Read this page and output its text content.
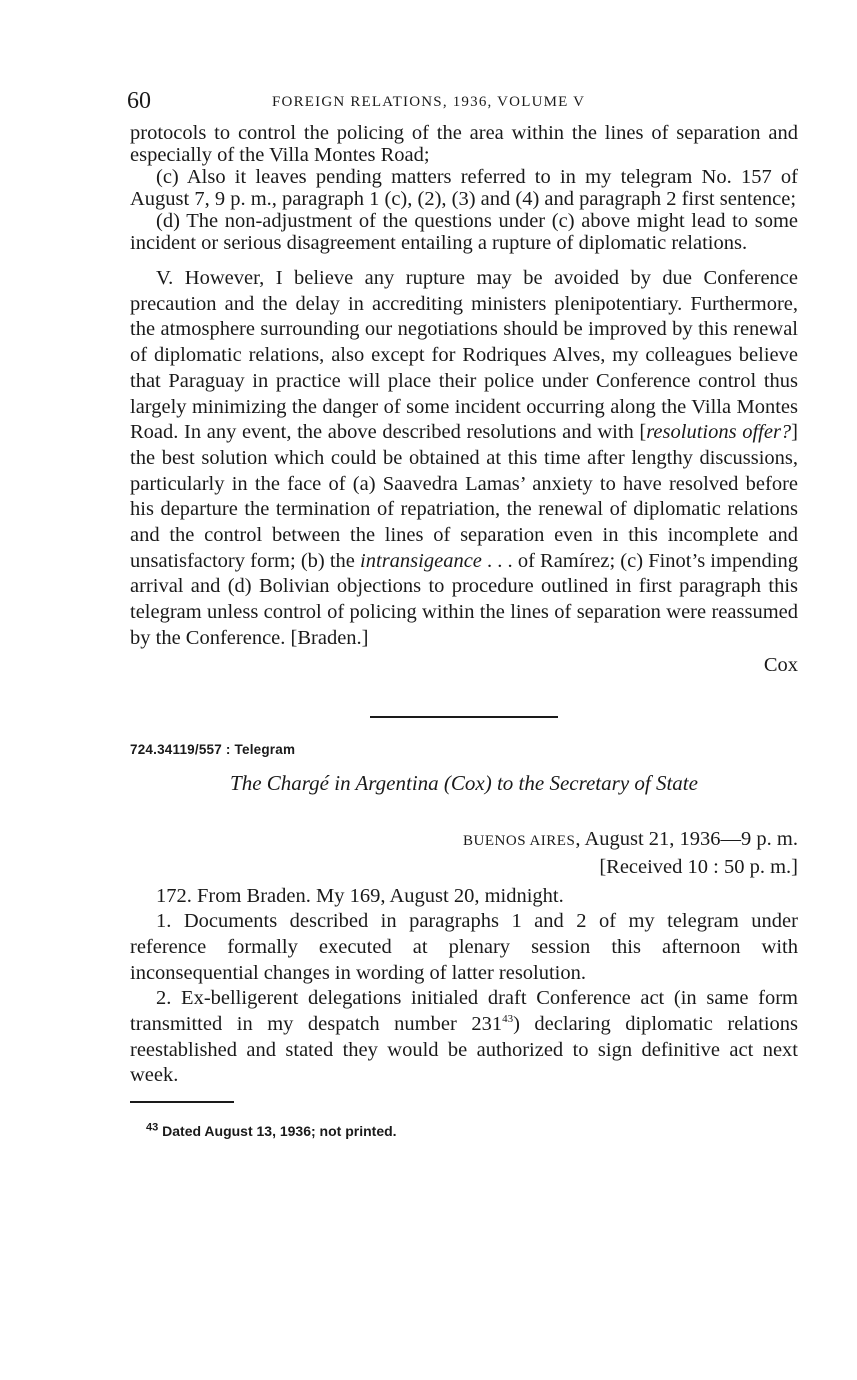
60	FOREIGN RELATIONS, 1936, VOLUME V

protocols to control the policing of the area within the lines of separation and especially of the Villa Montes Road;

(c) Also it leaves pending matters referred to in my telegram No. 157 of August 7, 9 p. m., paragraph 1 (c), (2), (3) and (4) and paragraph 2 first sentence;

(d) The non-adjustment of the questions under (c) above might lead to some incident or serious disagreement entailing a rupture of diplomatic relations.

V. However, I believe any rupture may be avoided by due Conference precaution and the delay in accrediting ministers plenipotentiary. Furthermore, the atmosphere surrounding our negotiations should be improved by this renewal of diplomatic relations, also except for Rodriques Alves, my colleagues believe that Paraguay in practice will place their police under Conference control thus largely minimizing the danger of some incident occurring along the Villa Montes Road. In any event, the above described resolutions and with [resolutions offer?] the best solution which could be obtained at this time after lengthy discussions, particularly in the face of (a) Saavedra Lamas’ anxiety to have resolved before his departure the termination of repatriation, the renewal of diplomatic relations and the control between the lines of separation even in this incomplete and unsatisfactory form; (b) the intransigeance . . . of Ramírez; (c) Finot’s impending arrival and (d) Bolivian objections to procedure outlined in first paragraph this telegram unless control of policing within the lines of separation were reassumed by the Conference. [Braden.]

Cox
724.34119/557 : Telegram
The Chargé in Argentina (Cox) to the Secretary of State
BUENOS AIRES, August 21, 1936—9 p. m.
[Received 10 : 50 p. m.]

172. From Braden. My 169, August 20, midnight.

1. Documents described in paragraphs 1 and 2 of my telegram under reference formally executed at plenary session this afternoon with inconsequential changes in wording of latter resolution.

2. Ex-belligerent delegations initialed draft Conference act (in same form transmitted in my despatch number $231^{43}$) declaring diplomatic relations reestablished and stated they would be authorized to sign definitive act next week.

$^{43}$ Dated August 13, 1936; not printed.
